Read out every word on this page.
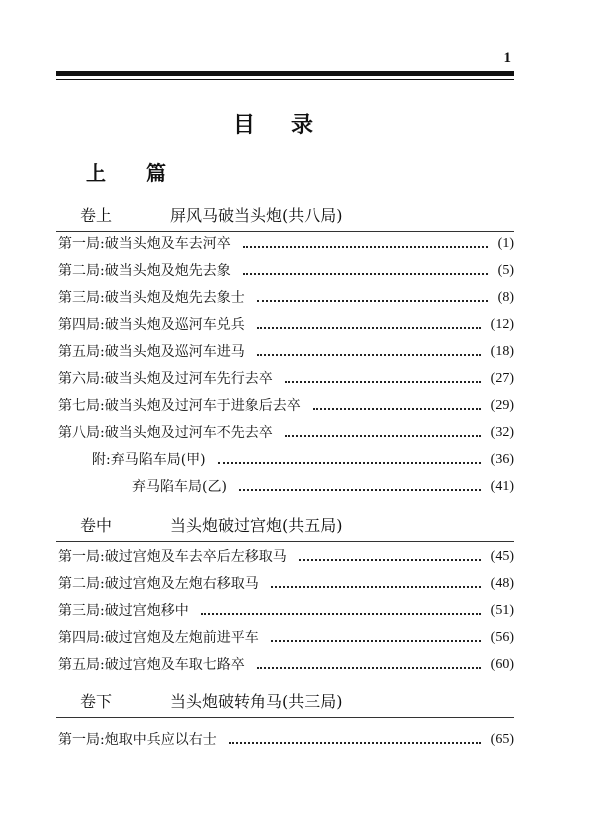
1
目录
上篇
卷上	屏风马破当头炮(共八局)
第一局 : 破当头炮及车去河卒	(1)
第二局 : 破当头炮及炮先去象	(5)
第三局 : 破当头炮及炮先去象士	(8)
第四局 : 破当头炮及巡河车兑兵	(12)
第五局 : 破当头炮及巡河车进马	(18)
第六局 : 破当头炮及过河车先行去卒	(27)
第七局 : 破当头炮及过河车于进象后去卒	(29)
第八局 : 破当头炮及过河车不先去卒	(32)
附 : 弃马陷车局(甲)	(36)
弃马陷车局(乙)	(41)
卷中	当头炮破过宫炮(共五局)
第一局 : 破过宫炮及车去卒后左移取马	(45)
第二局 : 破过宫炮及左炮右移取马	(48)
第三局 : 破过宫炮移中	(51)
第四局 : 破过宫炮及左炮前进平车	(56)
第五局 : 破过宫炮及车取七路卒	(60)
卷下	当头炮破转角马(共三局)
第一局 : 炮取中兵应以右士	(65)
